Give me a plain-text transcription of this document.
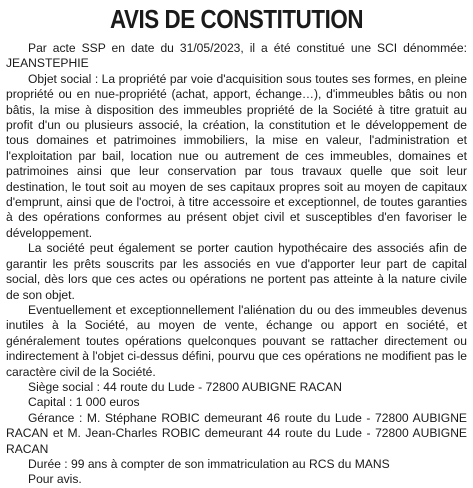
AVIS DE CONSTITUTION

Par acte SSP en date du 31/05/2023, il a été constitué une SCI dénommée: JEANSTEPHIE

Objet social : La propriété par voie d'acquisition sous toutes ses formes, en pleine propriété ou en nue-propriété (achat, apport, échange…), d'immeubles bâtis ou non bâtis, la mise à disposition des immeubles propriété de la Société à titre gratuit au profit d'un ou plusieurs associé, la création, la constitution et le développement de tous domaines et patrimoines immobiliers, la mise en valeur, l'administration et l'exploitation par bail, location nue ou autrement de ces immeubles, domaines et patrimoines ainsi que leur conservation par tous travaux quelle que soit leur destination, le tout soit au moyen de ses capitaux propres soit au moyen de capitaux d'emprunt, ainsi que de l'octroi, à titre accessoire et exceptionnel, de toutes garanties à des opérations conformes au présent objet civil et susceptibles d'en favoriser le développement.

La société peut également se porter caution hypothécaire des associés afin de garantir les prêts souscrits par les associés en vue d'apporter leur part de capital social, dès lors que ces actes ou opérations ne portent pas atteinte à la nature civile de son objet.

Eventuellement et exceptionnellement l'aliénation du ou des immeubles devenus inutiles à la Société, au moyen de vente, échange ou apport en société, et généralement toutes opérations quelconques pouvant se rattacher directement ou indirectement à l'objet ci-dessus défini, pourvu que ces opérations ne modifient pas le caractère civil de la Société.

Siège social : 44 route du Lude - 72800 AUBIGNE RACAN

Capital : 1 000 euros

Gérance : M. Stéphane ROBIC demeurant 46 route du Lude - 72800 AUBIGNE RACAN et M. Jean-Charles ROBIC demeurant 44 route du Lude - 72800 AUBIGNE RACAN

Durée : 99 ans à compter de son immatriculation au RCS du MANS

Pour avis.
